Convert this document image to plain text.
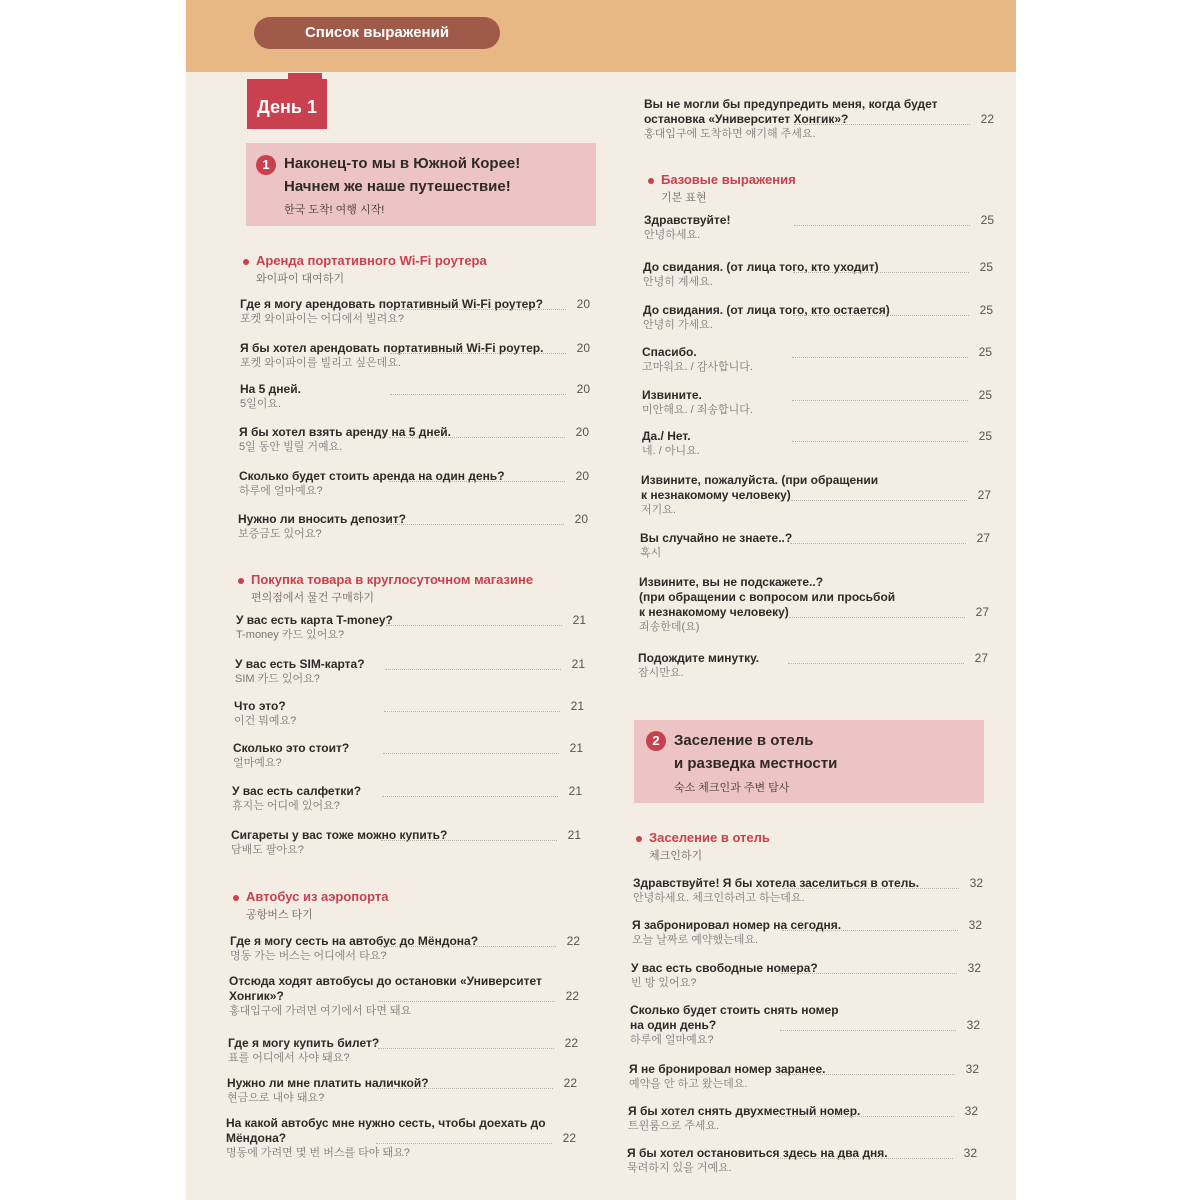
Список выражений
День 1
1 Наконец-то мы в Южной Корее!
Начнем же наше путешествие!
한국 도착! 여행 시작!
2 Заселение в отель
и разведка местности
숙소 체크인과 주변 탐사
Аренда портативного Wi-Fi роутера
와이파이 대여하기
Покупка товара в круглосуточном магазине
편의점에서 물건 구매하기
Автобус из аэропорта
공항버스 타기
Базовые выражения
기본 표현
Заселение в отель
체크인하기
Где я могу арендовать портативный Wi-Fi роутер?
포켓 와이파이는 어디에서 빌려요?
20
Я бы хотел арендовать портативный Wi-Fi роутер.
포켓 와이파이를 빌리고 싶은데요.
20
На 5 дней.
5일이요.
20
Я бы хотел взять аренду на 5 дней.
5일 동안 빌릴 거예요.
20
Сколько будет стоить аренда на один день?
하루에 얼마예요?
20
Нужно ли вносить депозит?
보증금도 있어요?
20
У вас есть карта T-money?
T-money 카드 있어요?
21
У вас есть SIM-карта?
SIM 카드 있어요?
21
Что это?
이건 뭐예요?
21
Сколько это стоит?
얼마예요?
21
У вас есть салфетки?
휴지는 어디에 있어요?
21
Сигареты у вас тоже можно купить?
담배도 팔아요?
21
Где я могу сесть на автобус до Мёндона?
명동 가는 버스는 어디에서 타요?
22
Отсюда ходят автобусы до остановки «Университет
Хонгик»?
홍대입구에 가려면 여기에서 타면 돼요
22
Где я могу купить билет?
표를 어디에서 사야 돼요?
22
Нужно ли мне платить наличкой?
현금으로 내야 돼요?
22
На какой автобус мне нужно сесть, чтобы доехать до
Мёндона?
명동에 가려면 몇 번 버스를 타야 돼요?
22
Вы не могли бы предупредить меня, когда будет
остановка «Университет Хонгик»?
홍대입구에 도착하면 얘기해 주세요.
22
Здравствуйте!
안녕하세요.
25
До свидания. (от лица того, кто уходит)
안녕히 계세요.
25
До свидания. (от лица того, кто остается)
안녕히 가세요.
25
Спасибо.
고마워요. / 감사합니다.
25
Извините.
미안해요. / 죄송합니다.
25
Да./ Нет.
네. / 아니요.
25
Извините, пожалуйста. (при обращении
к незнакомому человеку)
저기요.
27
Вы случайно не знаете..?
혹시
27
Извините, вы не подскажете..?
(при обращении с вопросом или просьбой
к незнакомому человеку)
죄송한데(요)
27
Подождите минутку.
잠시만요.
27
Здравствуйте! Я бы хотела заселиться в отель.
안녕하세요. 체크인하려고 하는데요.
32
Я забронировал номер на сегодня.
오늘 날짜로 예약했는데요.
32
У вас есть свободные номера?
빈 방 있어요?
32
Сколько будет стоить снять номер
на один день?
하루에 얼마예요?
32
Я не бронировал номер заранее.
예약을 안 하고 왔는데요.
32
Я бы хотел снять двухместный номер.
트윈룸으로 주세요.
32
Я бы хотел остановиться здесь на два дня.
묵려하지 있을 거예요.
32
